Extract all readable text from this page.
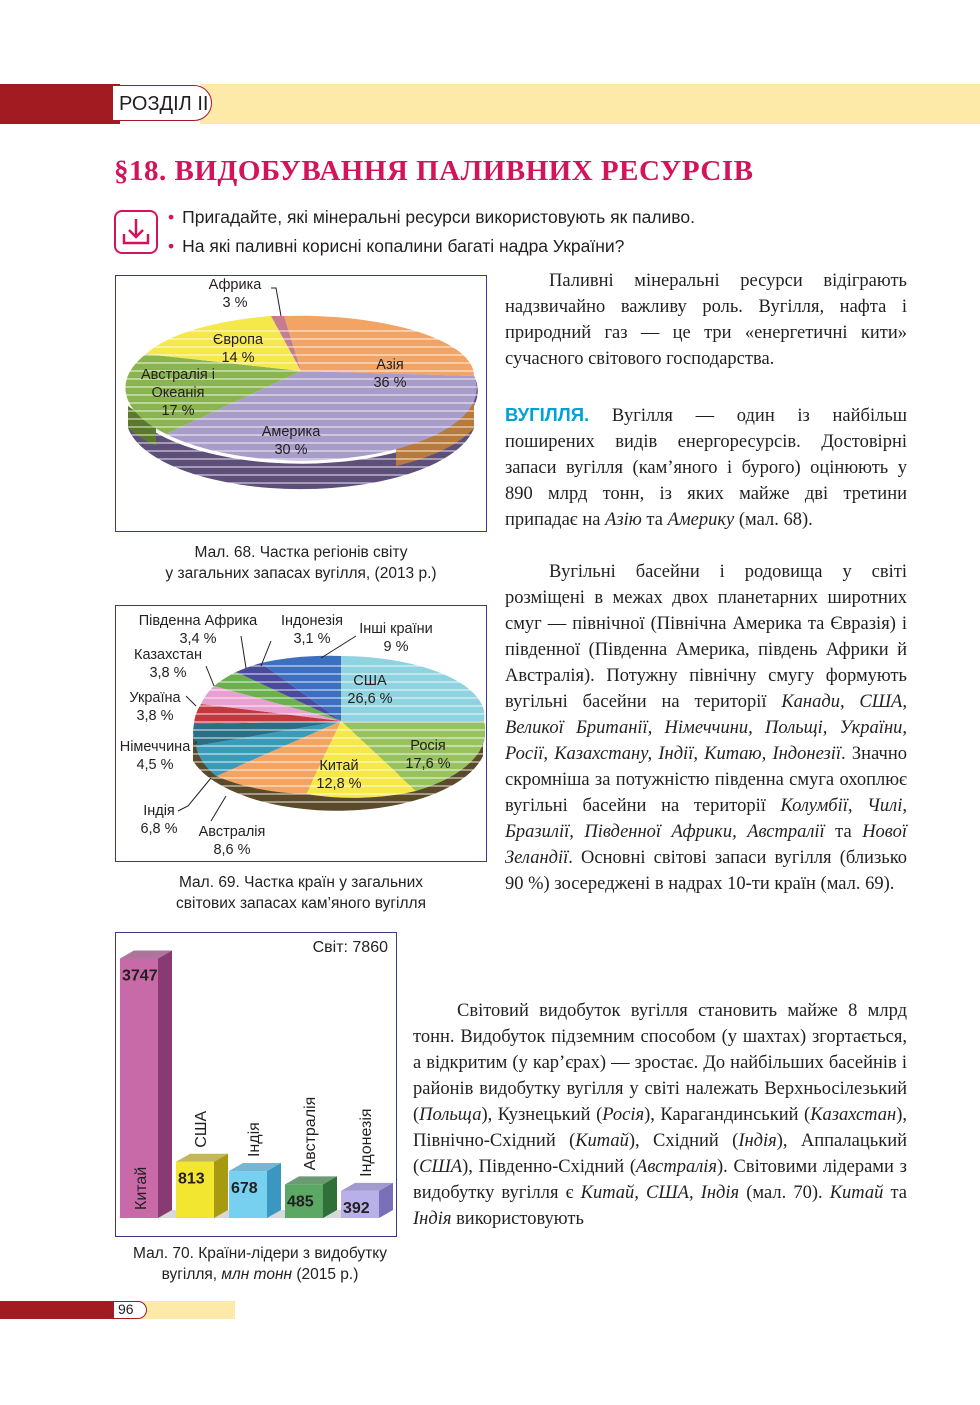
РОЗДІЛ II
§18. ВИДОБУВАННЯ ПАЛИВНИХ РЕСУРСІВ
• Пригадайте, які мінеральні ресурси використовують як паливо.
• На які паливні корисні копалини багаті надра України?
Африка
3 %
Європа
14 %	Азія
36 %
Австралія і
Океанія
17 %
Америка
30 %
Мал. 68. Частка регіонів світу
у загальних запасах вугілля, (2013 р.)
Південна Африка
3,4 %
Індонезія
3,1 %
Інші країни
9 %
Казахстан
3,8 %	США
26,6 %
Україна
3,8 %
Німеччина
4,5 %
Росія
17,6 %
Китай
12,8 %
Індія
6,8 %	Австралія
8,6 %
Мал. 69. Частка країн у загальних
світових запасах кам’яного вугілля
3747
Китай 813
США
678
Індія
485
Австралія
392
Індонезія
Світ: 7860
Мал. 70. Країни-лідери з видобутку
вугілля, млн тонн (2015 р.)
Паливні мінеральні ресурси відіграють надзвичайно важливу роль. Вугілля, нафта і природний газ — це три «енергетичні кити» сучасного світового господарства.
ВУГІЛЛЯ. Вугілля — один із найбільш поширених видів енергоресурсів. Достовірні запаси вугілля (кам’яного і бурого) оцінюють у 890 млрд тонн, із яких майже дві третини припадає на Азію та Америку (мал. 68).
Вугільні басейни і родовища у світі розміщені в межах двох планетарних широтних смуг — північної (Північна Америка та Євразія) і південної (Південна Америка, південь Африки й Австралія). Потужну північну смугу формують вугільні басейни на території Канади, США, Великої Британії, Німеччини, Польщі, України, Росії, Казахстану, Індії, Китаю, Індонезії. Значно скромніша за потужністю південна смуга охоплює вугільні басейни на території Колумбії, Чилі, Бразилії, Південної Африки, Австралії та Нової Зеландії. Основні світові запаси вугілля (близько 90 %) зосереджені в надрах 10-ти країн (мал. 69).
Світовий видобуток вугілля становить майже 8 млрд тонн. Видобуток підземним способом (у шахтах) згортається, а відкритим (у кар’єрах) — зростає. До найбільших басейнів і районів видобутку вугілля у світі належать Верхньосілезький (Польща), Кузнецький (Росія), Карагандинський (Казахстан), Північно-Східний (Китай), Східний (Індія), Аппалацький (США), Південно-Східний (Австралія). Світовими лідерами з видобутку вугілля є Китай, США, Індія (мал. 70). Китай та Індія використовують
96
